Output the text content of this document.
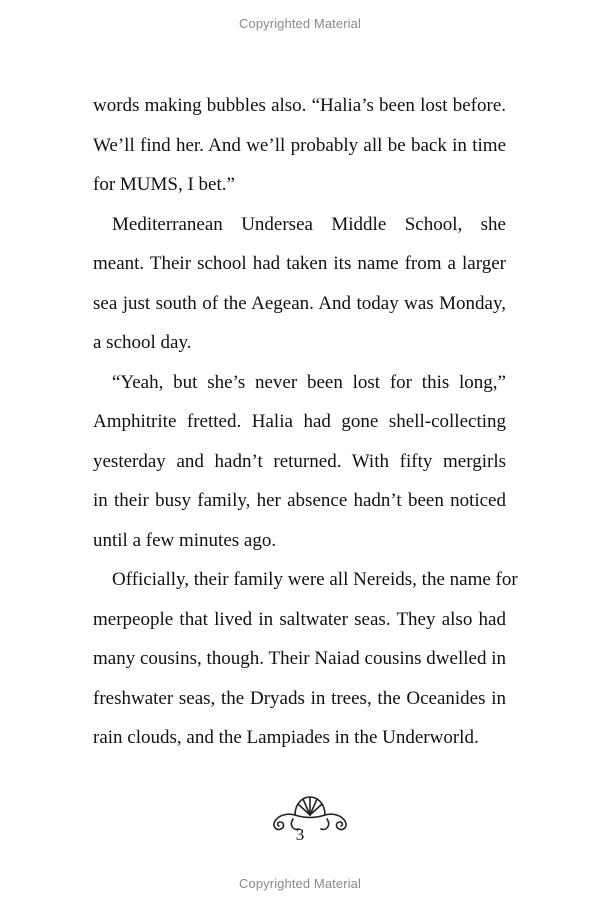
Copyrighted Material
words making bubbles also. “Halia’s been lost before.
We’ll find her. And we’ll probably all be back in time
for MUMS, I bet.”
 Mediterranean Undersea Middle School, she
meant. Their school had taken its name from a larger
sea just south of the Aegean. And today was Monday,
a school day.
 “Yeah, but she’s never been lost for this long,”
Amphitrite fretted. Halia had gone shell-collecting
yesterday and hadn’t returned. With fifty mergirls
in their busy family, her absence hadn’t been noticed
until a few minutes ago.
 Officially, their family were all Nereids, the name for
merpeople that lived in saltwater seas. They also had
many cousins, though. Their Naiad cousins dwelled in
freshwater seas, the Dryads in trees, the Oceanides in
rain clouds, and the Lampiades in the Underworld.
3
Copyrighted Material
